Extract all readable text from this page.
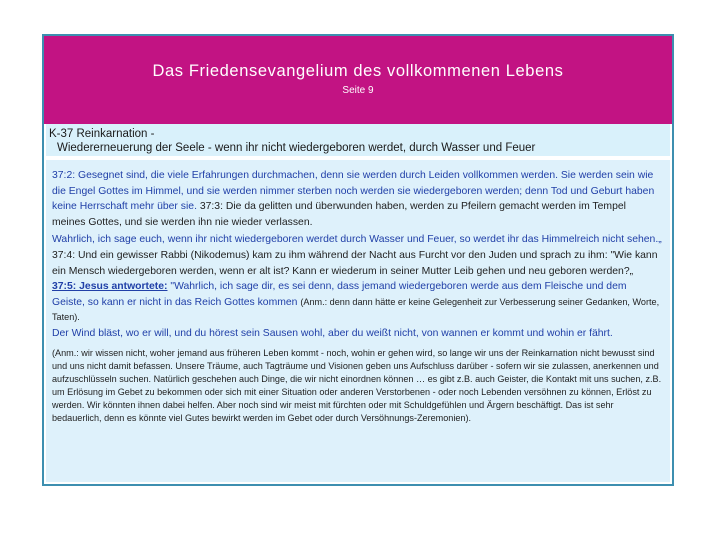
Das Friedensevangelium des vollkommenen Lebens
Seite 9
K-37 Reinkarnation -
Wiedererneuerung der Seele - wenn ihr nicht wiedergeboren werdet, durch Wasser und Feuer

37:2: Gesegnet sind, die viele Erfahrungen durchmachen, denn sie werden durch Leiden vollkommen werden. Sie werden sein wie die Engel Gottes im Himmel, und sie werden nimmer sterben noch werden sie wiedergeboren werden; denn Tod und Geburt haben keine Herrschaft mehr über sie. 37:3: Die da gelitten und überwunden haben, werden zu Pfeilern gemacht werden im Tempel meines Gottes, und sie werden ihn nie wieder verlassen.

Wahrlich, ich sage euch, wenn ihr nicht wiedergeboren werdet durch Wasser und Feuer, so werdet ihr das Himmelreich nicht sehen.„ 37:4: Und ein gewisser Rabbi (Nikodemus) kam zu ihm während der Nacht aus Furcht vor den Juden und sprach zu ihm: "Wie kann ein Mensch wiedergeboren werden, wenn er alt ist? Kann er wiederum in seiner Mutter Leib gehen und neu geboren werden?„

37:5: Jesus antwortete: "Wahrlich, ich sage dir, es sei denn, dass jemand wiedergeboren werde aus dem Fleische und dem Geiste, so kann er nicht in das Reich Gottes kommen (Anm.: denn dann hätte er keine Gelegenheit zur Verbesserung seiner Gedanken, Worte, Taten).

Der Wind bläst, wo er will, und du hörest sein Sausen wohl, aber du weißt nicht, von wannen er kommt und wohin er fährt.

(Anm.: wir wissen nicht, woher jemand aus früheren Leben kommt - noch, wohin er gehen wird, so lange wir uns der Reinkarnation nicht bewusst sind und uns nicht damit befassen. Unsere Träume, auch Tagträume und Visionen geben uns Aufschluss darüber - sofern wir sie zulassen, anerkennen und aufzuschlüsseln suchen. Natürlich geschehen auch Dinge, die wir nicht einordnen können … es gibt z.B. auch Geister, die Kontakt mit uns suchen, z.B. um Erlösung im Gebet zu bekommen oder sich mit einer Situation oder anderen Verstorbenen - oder noch Lebenden versöhnen zu können, Erlöst zu werden. Wir könnten ihnen dabei helfen. Aber noch sind wir meist mit fürchten oder mit Schuldgefühlen und Ärgern beschäftigt. Das ist sehr bedauerlich, denn es könnte viel Gutes bewirkt werden im Gebet oder durch Versöhnungs-Zeremonien).
